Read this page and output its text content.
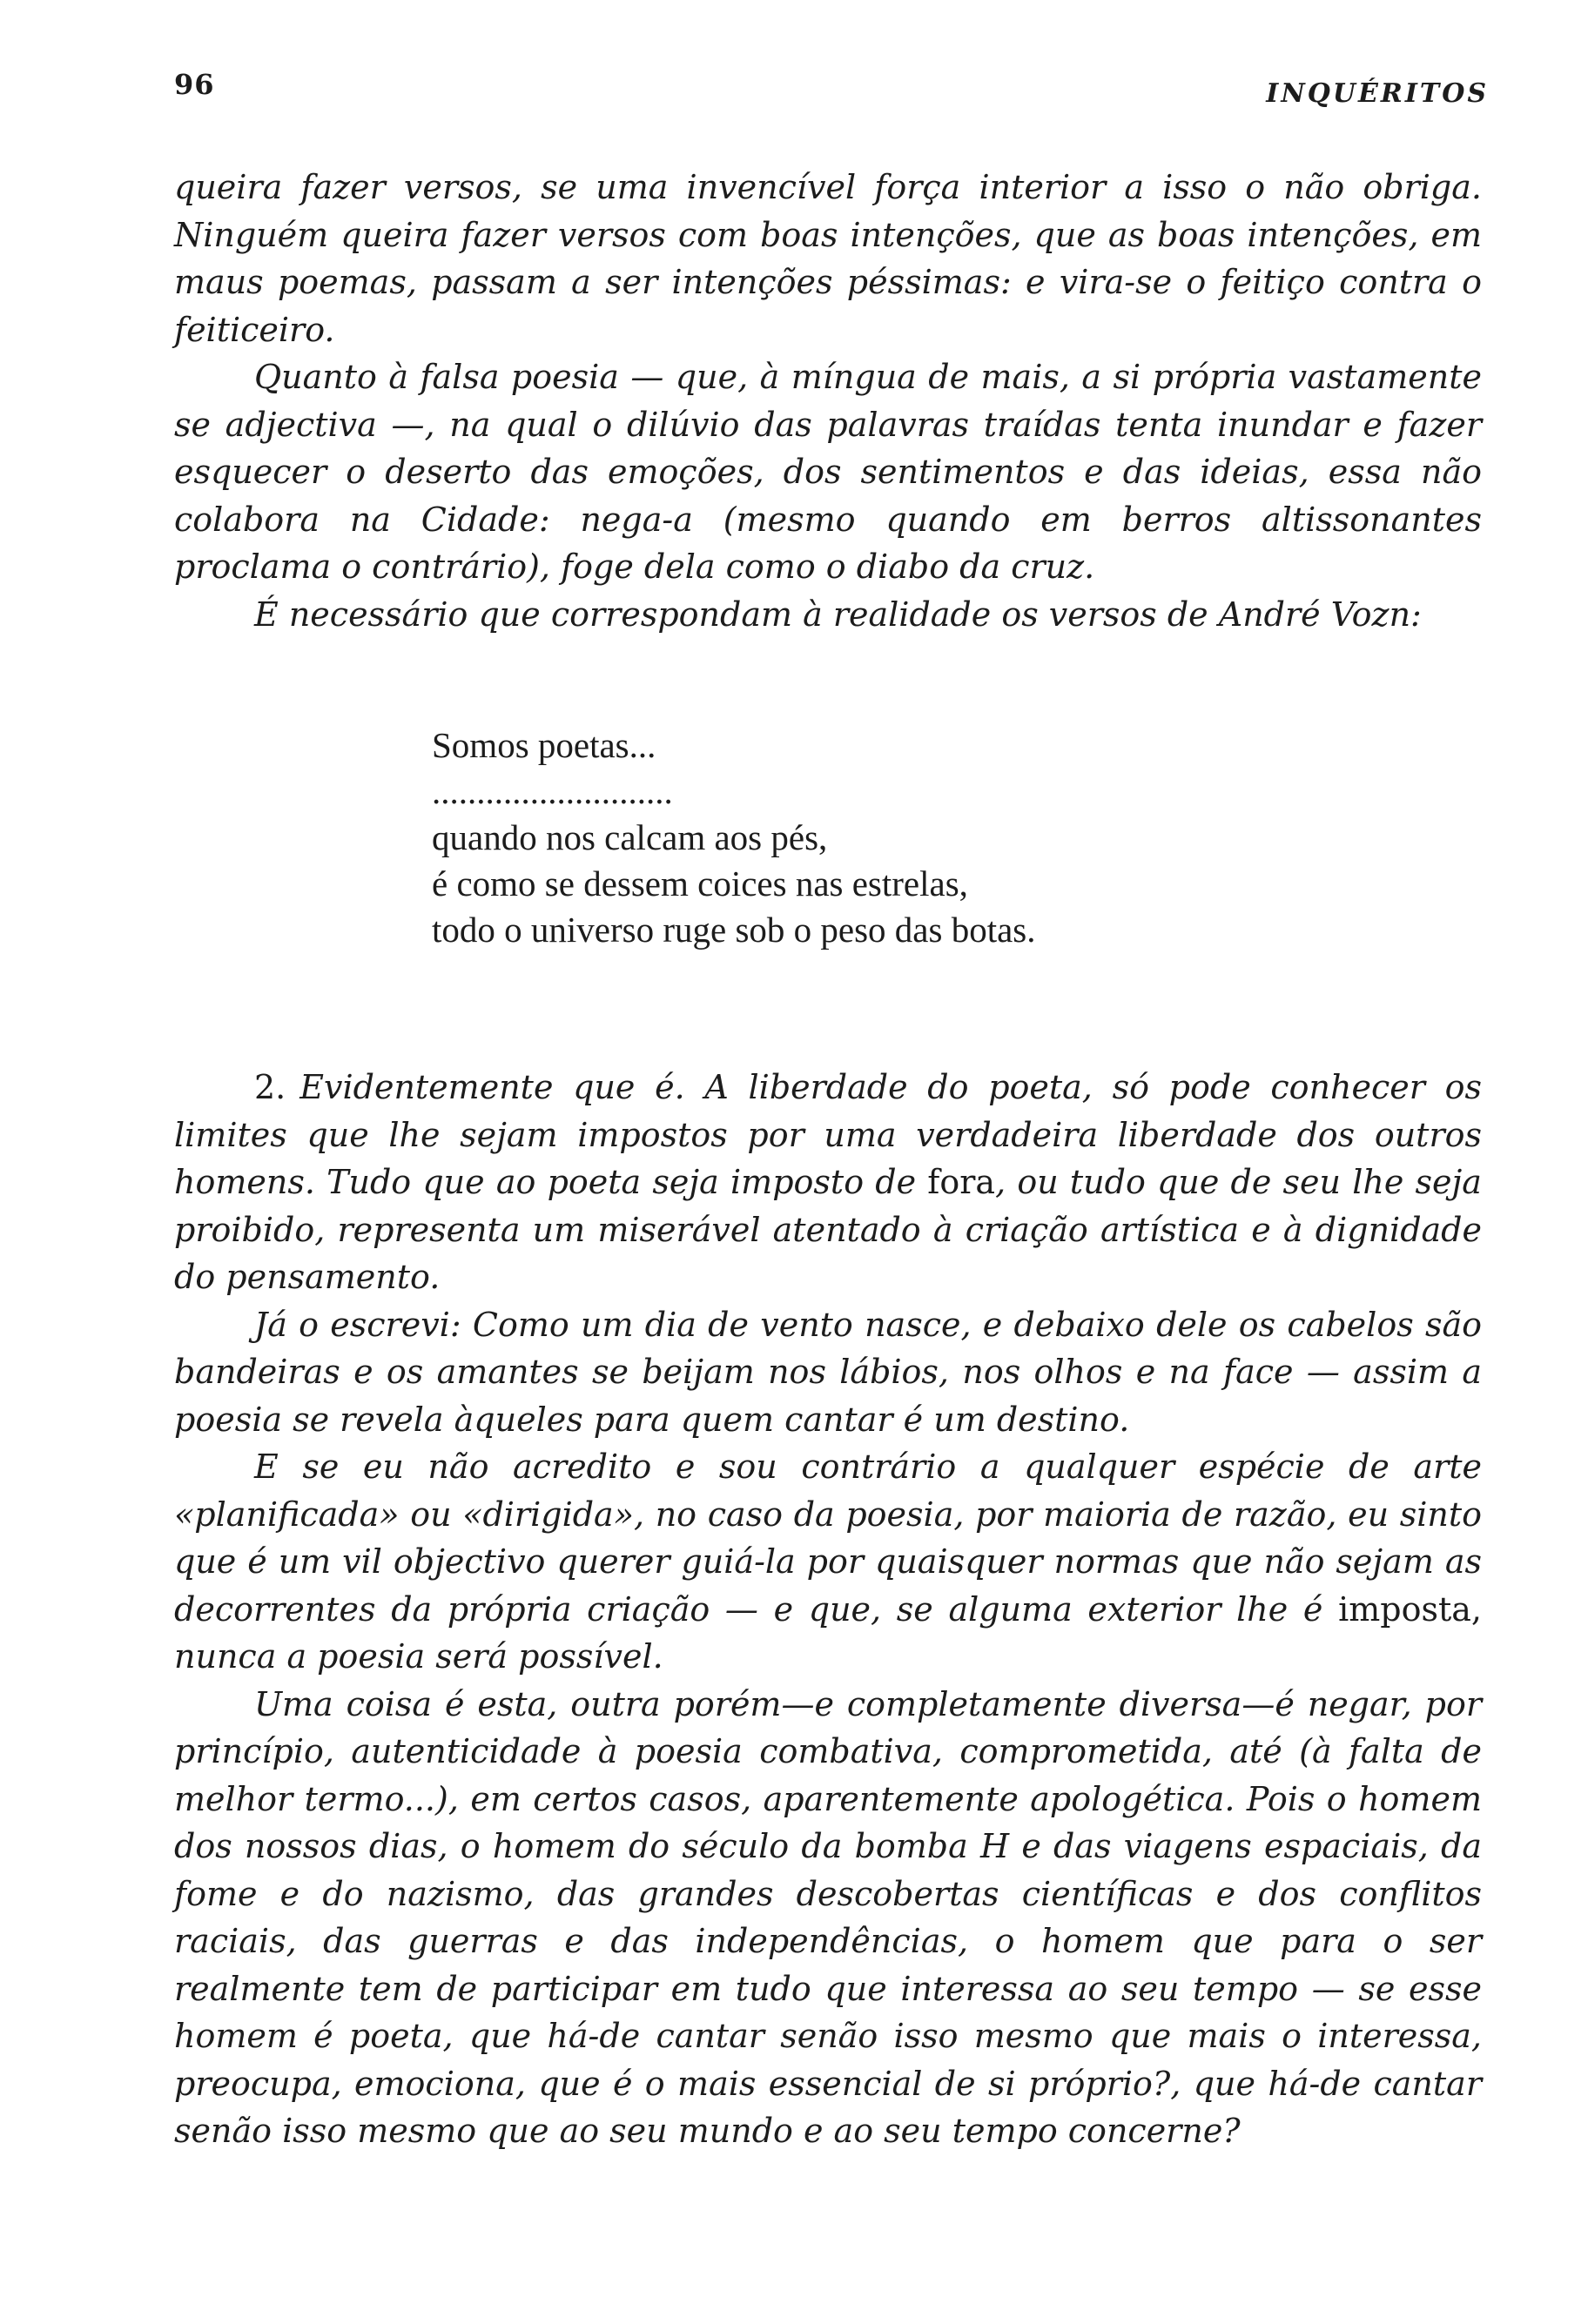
96	INQUÉRITOS

queira fazer versos, se uma invencível força interior a isso o não obriga. Ninguém queira fazer versos com boas intenções, que as boas intenções, em maus poemas, passam a ser intenções péssimas: e vira-se o feitiço contra o feiticeiro.

Quanto à falsa poesia — que, à míngua de mais, a si própria vastamente se adjectiva —, na qual o dilúvio das palavras traídas tenta inundar e fazer esquecer o deserto das emoções, dos sentimentos e das ideias, essa não colabora na Cidade: nega-a (mesmo quando em berros altissonantes proclama o contrário), foge dela como o diabo da cruz.

É necessário que correspondam à realidade os versos de André Vozn:

Somos poetas...
...........................
quando nos calcam aos pés,
é como se dessem coices nas estrelas,
todo o universo ruge sob o peso das botas.

2. Evidentemente que é. A liberdade do poeta, só pode conhecer os limites que lhe sejam impostos por uma verdadeira liberdade dos outros homens. Tudo que ao poeta seja imposto de fora, ou tudo que de seu lhe seja proibido, representa um miserável atentado à criação artística e à dignidade do pensamento.

Já o escrevi: Como um dia de vento nasce, e debaixo dele os cabelos são bandeiras e os amantes se beijam nos lábios, nos olhos e na face — assim a poesia se revela àqueles para quem cantar é um destino.

E se eu não acredito e sou contrário a qualquer espécie de arte «planificada» ou «dirigida», no caso da poesia, por maioria de razão, eu sinto que é um vil objectivo querer guiá-la por quaisquer normas que não sejam as decorrentes da própria criação — e que, se alguma exterior lhe é imposta, nunca a poesia será possível.

Uma coisa é esta, outra porém—e completamente diversa—é negar, por princípio, autenticidade à poesia combativa, comprometida, até (à falta de melhor termo...), em certos casos, aparentemente apologética. Pois o homem dos nossos dias, o homem do século da bomba H e das viagens espaciais, da fome e do nazismo, das grandes descobertas científicas e dos conflitos raciais, das guerras e das independências, o homem que para o ser realmente tem de participar em tudo que interessa ao seu tempo — se esse homem é poeta, que há-de cantar senão isso mesmo que mais o interessa, preocupa, emociona, que é o mais essencial de si próprio?, que há-de cantar senão isso mesmo que ao seu mundo e ao seu tempo concerne?
